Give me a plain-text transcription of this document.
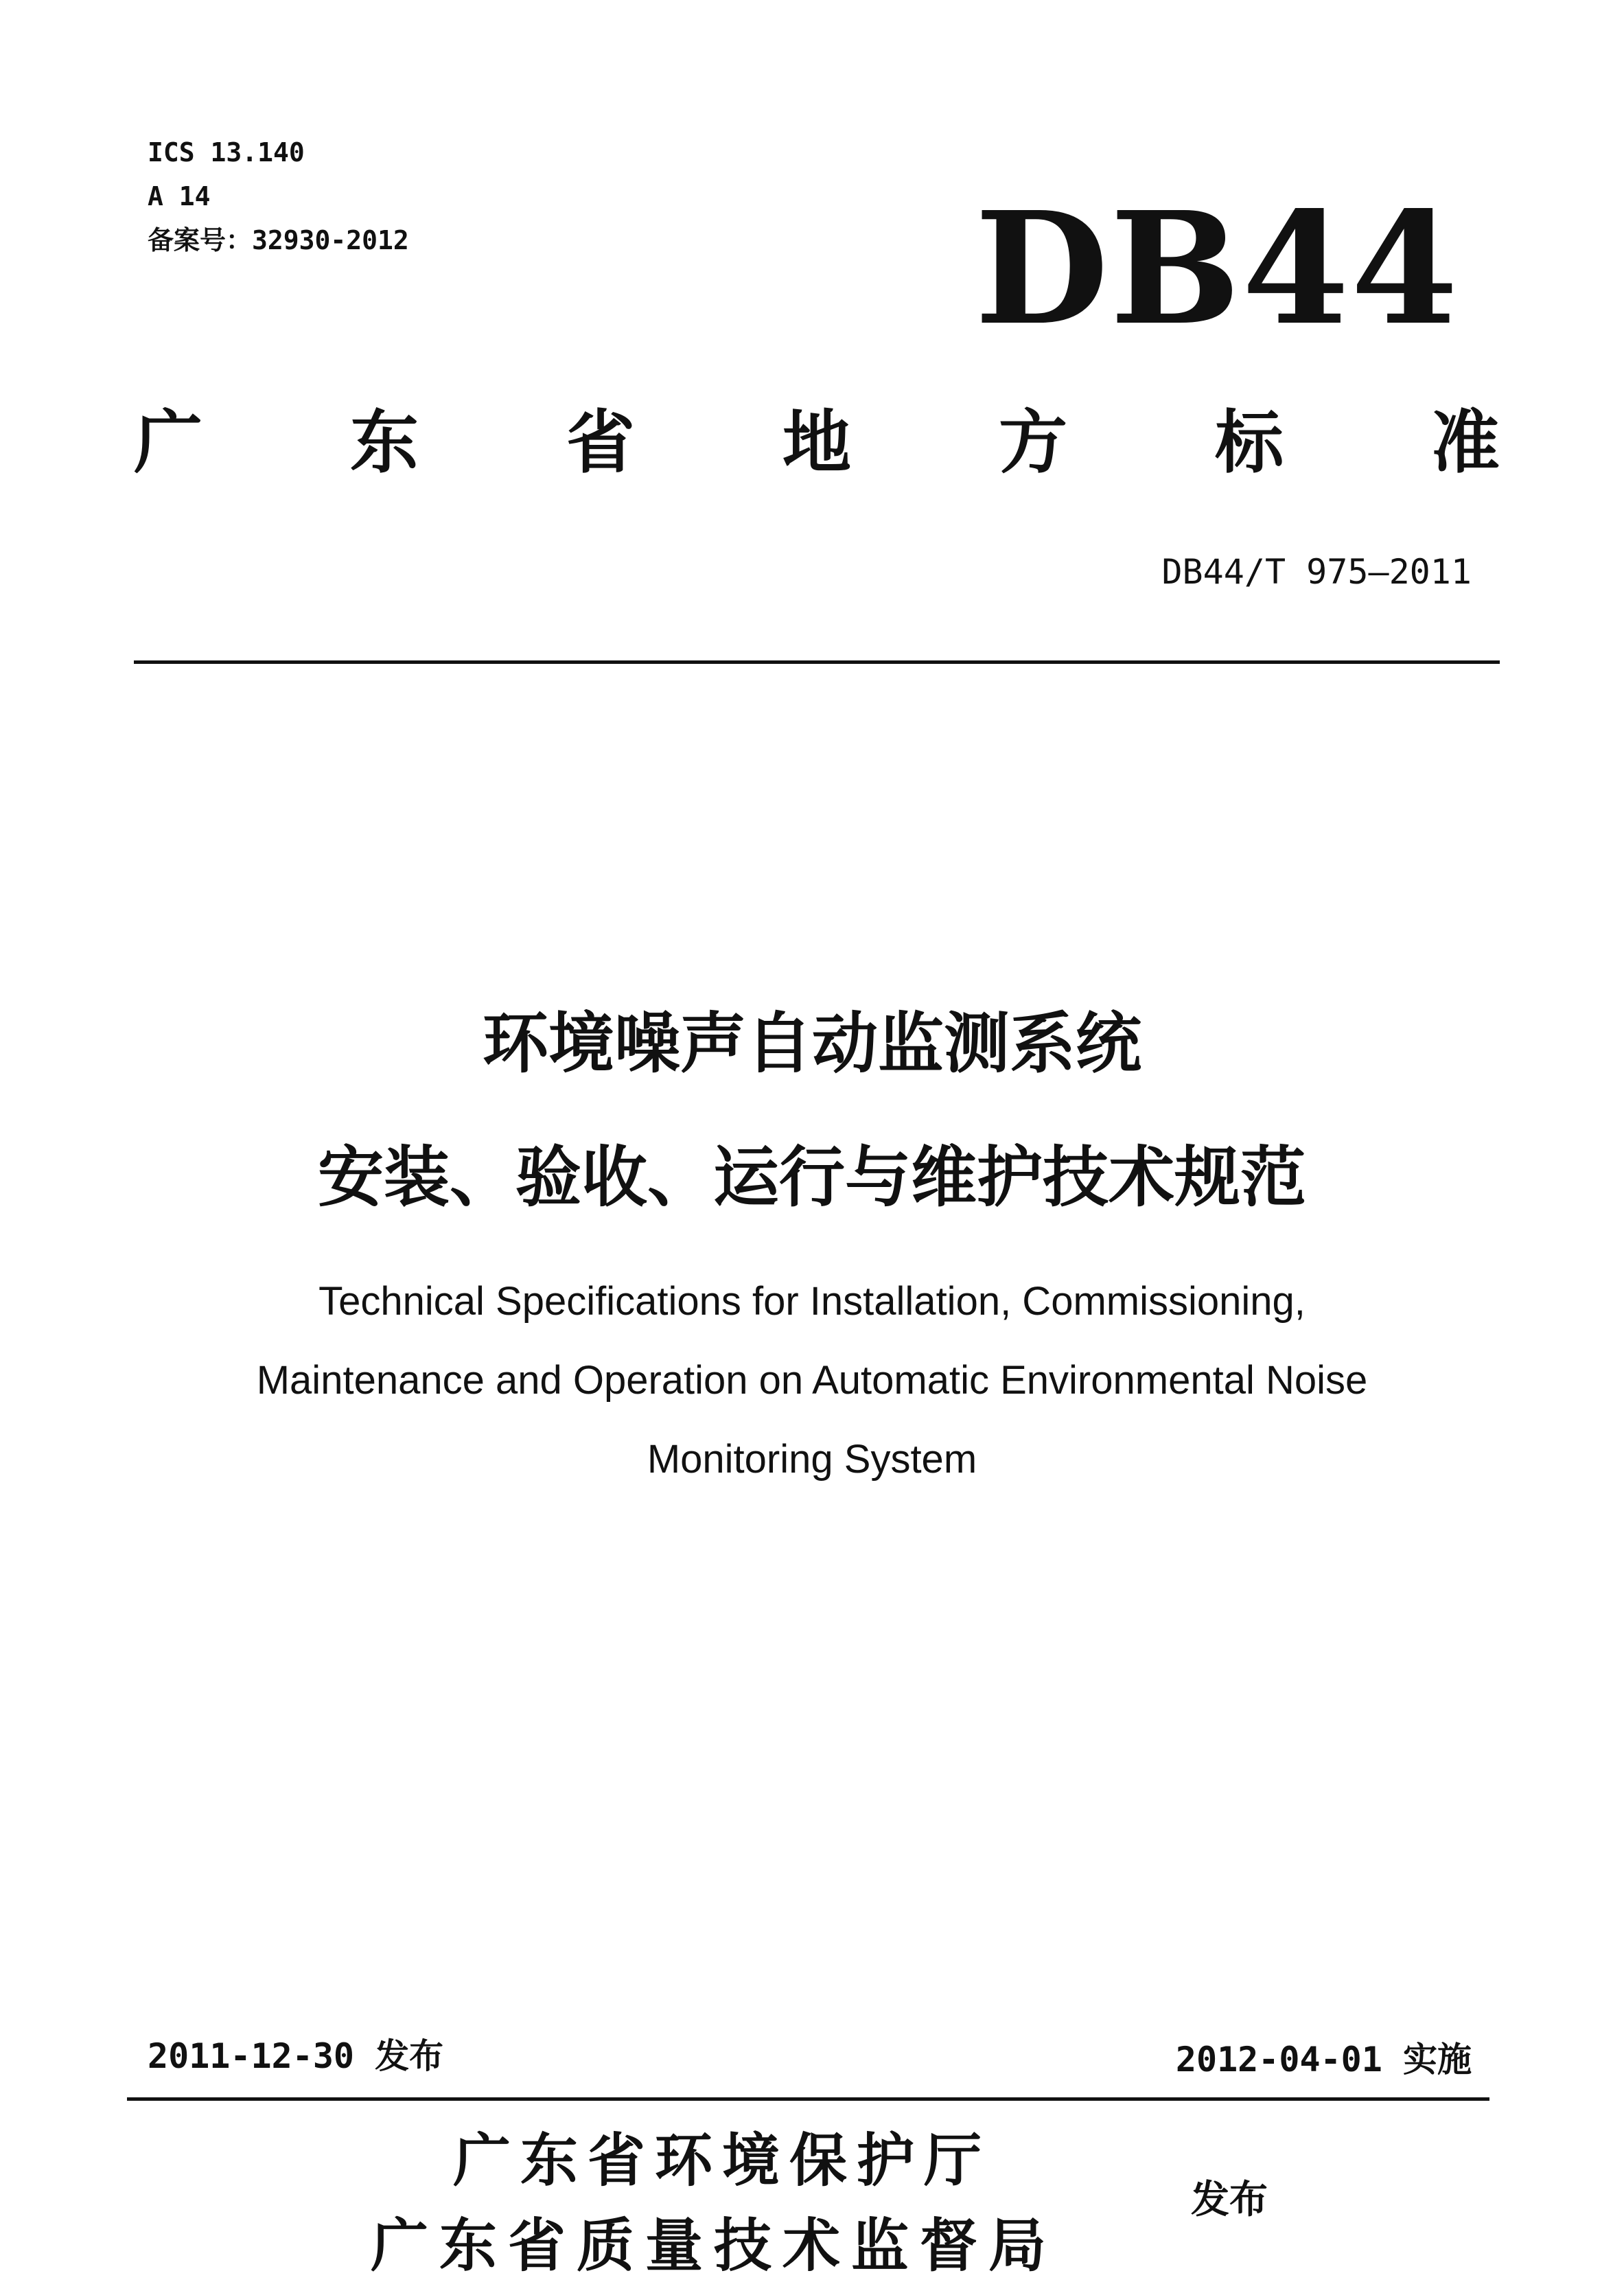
ICS 13.140
A 14
备案号：32930-2012	DB44
广 东 省 地 方 标 准
DB44/T 975—2011
环境噪声自动监测系统
安装、验收、运行与维护技术规范
Technical Specifications for Installation, Commissioning,
Maintenance and Operation on Automatic Environmental Noise
Monitoring System
2011-12-30 发布	2012-04-01 实施
广东省环境保护厅
广东省质量技术监督局
发布
